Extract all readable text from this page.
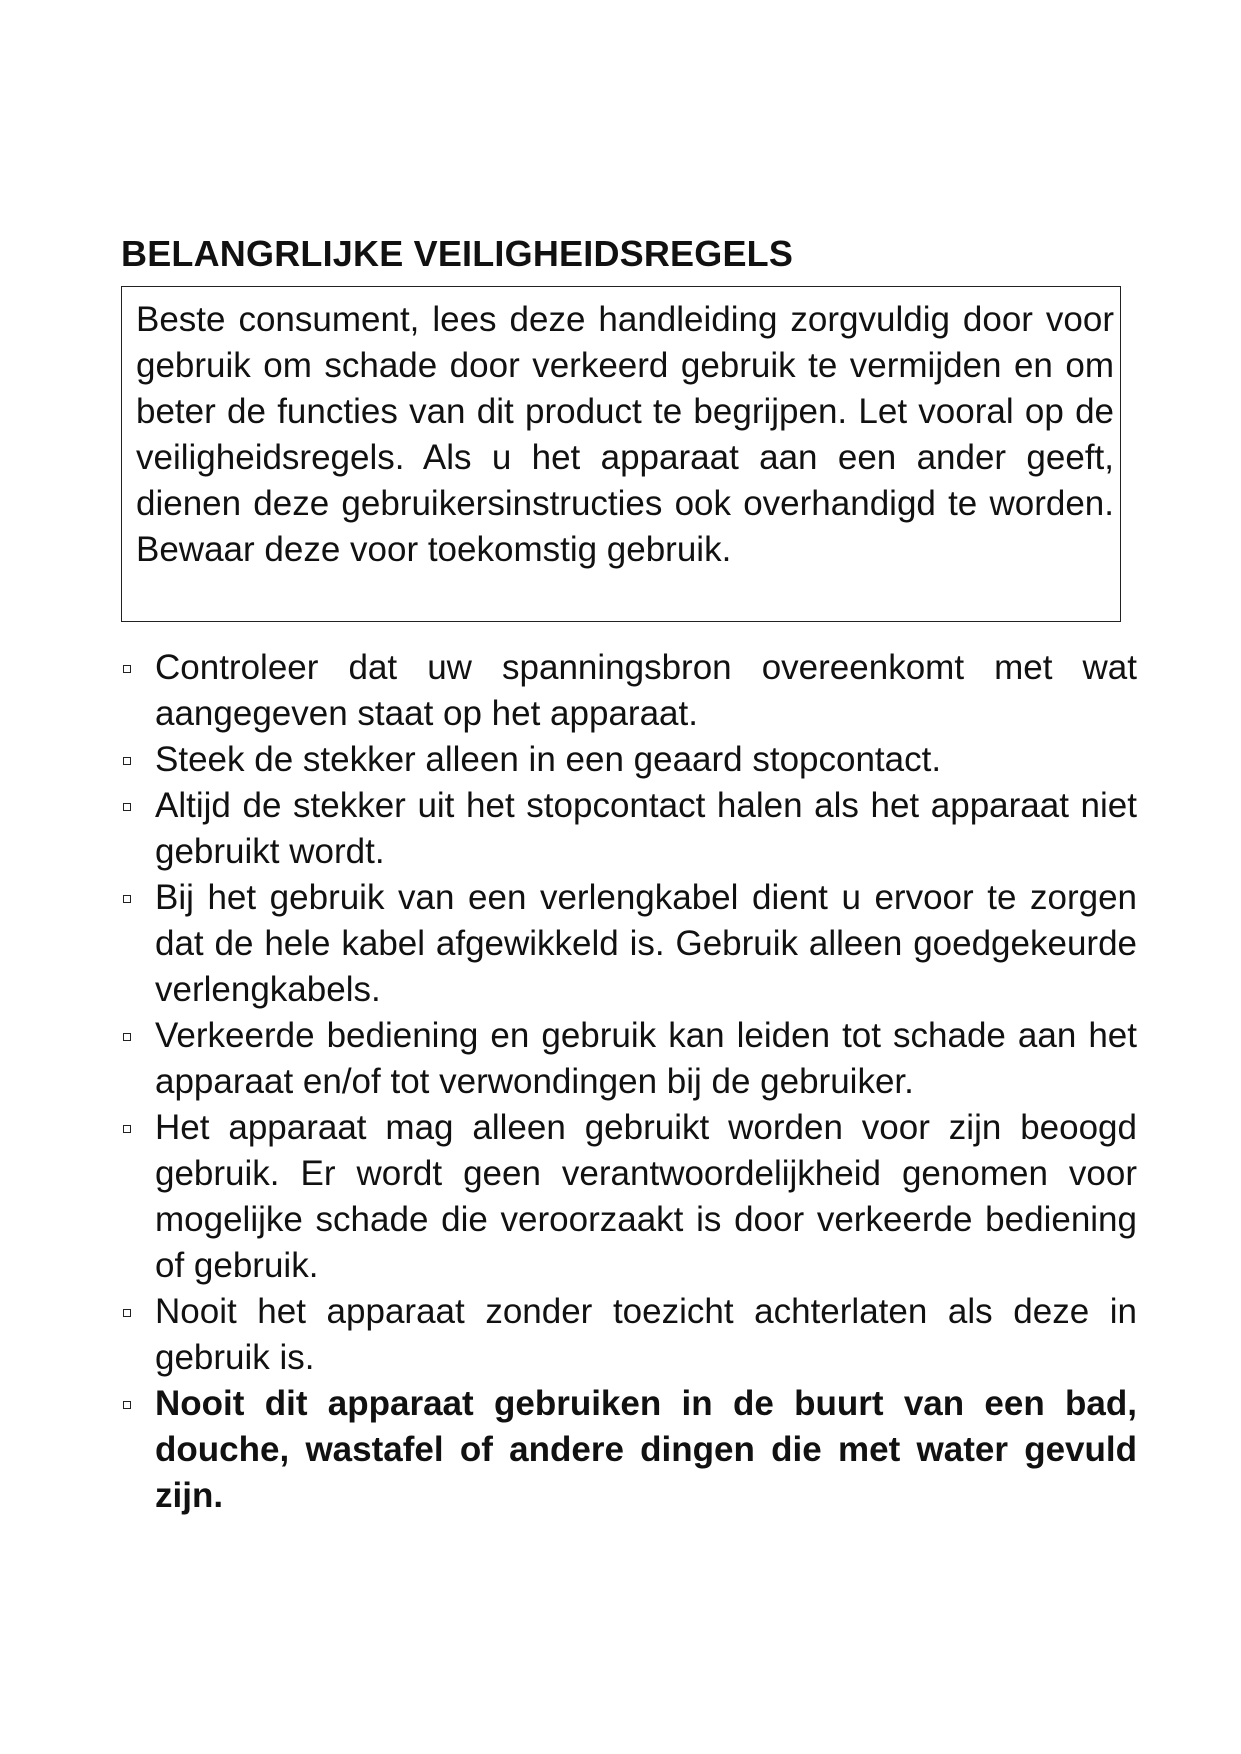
BELANGRLIJKE VEILIGHEIDSREGELS
Beste consument, lees deze handleiding zorgvuldig door voor gebruik om schade door verkeerd gebruik te vermijden en om beter de functies van dit product te begrijpen. Let vooral op de veiligheidsregels. Als u het apparaat aan een ander geeft, dienen deze gebruikersinstructies ook overhandigd te worden. Bewaar deze voor toekomstig gebruik.
Controleer dat uw spanningsbron overeenkomt met wat aangegeven staat op het apparaat.
Steek de stekker alleen in een geaard stopcontact.
Altijd de stekker uit het stopcontact halen als het apparaat niet gebruikt wordt.
Bij het gebruik van een verlengkabel dient u ervoor te zorgen dat de hele kabel afgewikkeld is. Gebruik alleen goedgekeurde verlengkabels.
Verkeerde bediening en gebruik kan leiden tot schade aan het apparaat en/of tot verwondingen bij de gebruiker.
Het apparaat mag alleen gebruikt worden voor zijn beoogd gebruik. Er wordt geen verantwoordelijkheid genomen voor mogelijke schade die veroorzaakt is door verkeerde bediening of gebruik.
Nooit het apparaat zonder toezicht achterlaten als deze in gebruik is.
Nooit dit apparaat gebruiken in de buurt van een bad, douche, wastafel of andere dingen die met water gevuld zijn.
